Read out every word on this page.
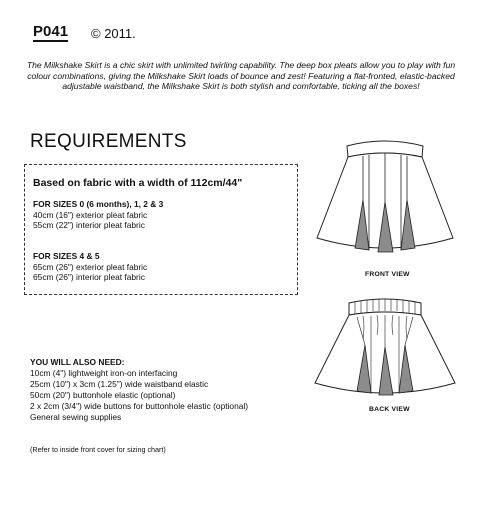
P041 © 2011.
The Milkshake Skirt is a chic skirt with unlimited twirling capability. The deep box pleats allow you to play with fun colour combinations, giving the Milkshake Skirt loads of bounce and zest! Featuring a flat-fronted, elastic-backed adjustable waistband, the Milkshake Skirt is both stylish and comfortable, ticking all the boxes!
REQUIREMENTS
Based on fabric with a width of 112cm/44"
FOR SIZES 0 (6 months), 1, 2 & 3
40cm (16") exterior pleat fabric
55cm (22") interior pleat fabric
FOR SIZES 4 & 5
65cm (26") exterior pleat fabric
65cm (26") interior pleat fabric
YOU WILL ALSO NEED:
10cm (4") lightweight iron-on interfacing
25cm (10") x 3cm (1.25") wide waistband elastic
50cm (20") buttonhole elastic (optional)
2 x 2cm (3/4") wide buttons for buttonhole elastic (optional)
General sewing supplies
(Refer to inside front cover for sizing chart)
FRONT VIEW
BACK VIEW
